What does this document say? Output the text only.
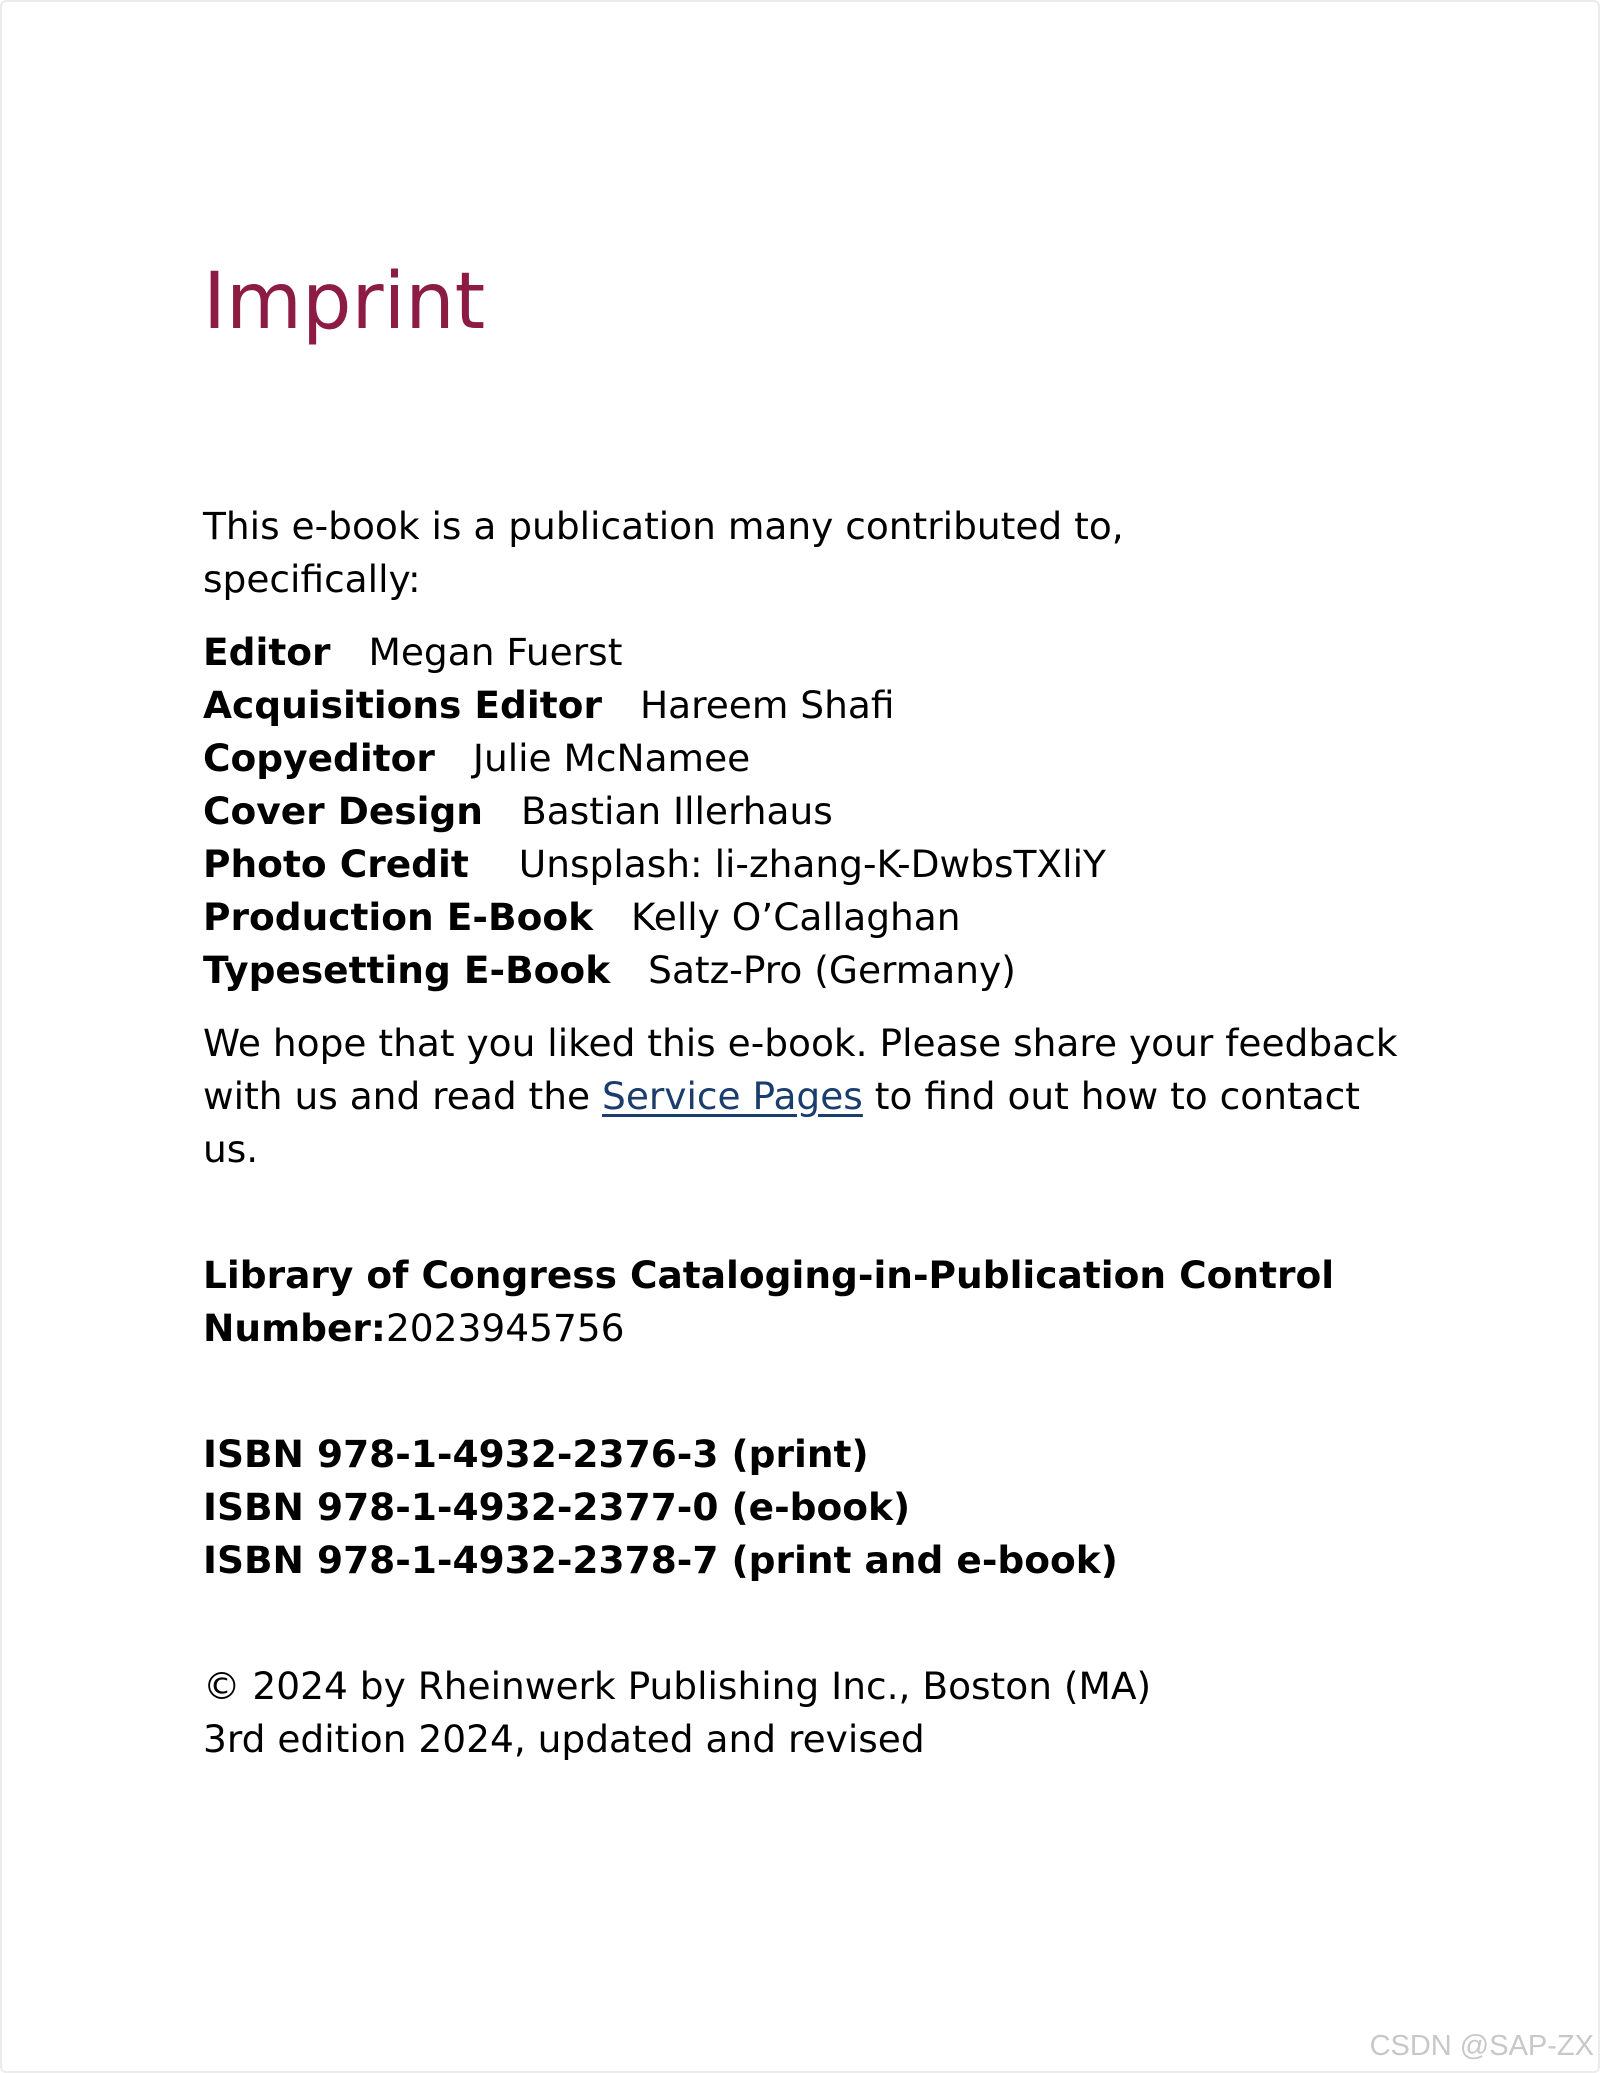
Imprint

This e-book is a publication many contributed to, specifically:

Editor Megan Fuerst
Acquisitions Editor Hareem Shafi
Copyeditor Julie McNamee
Cover Design Bastian Illerhaus
Photo Credit Unsplash: li-zhang-K-DwbsTXliY
Production E-Book Kelly O’Callaghan
Typesetting E-Book Satz-Pro (Germany)

We hope that you liked this e-book. Please share your feedback with us and read the Service Pages to find out how to contact us.

Library of Congress Cataloging-in-Publication Control Number:2023945756

ISBN 978-1-4932-2376-3 (print)
ISBN 978-1-4932-2377-0 (e-book)
ISBN 978-1-4932-2378-7 (print and e-book)
© 2024 by Rheinwerk Publishing Inc., Boston (MA)
3rd edition 2024, updated and revised
CSDN @SAP-ZX
